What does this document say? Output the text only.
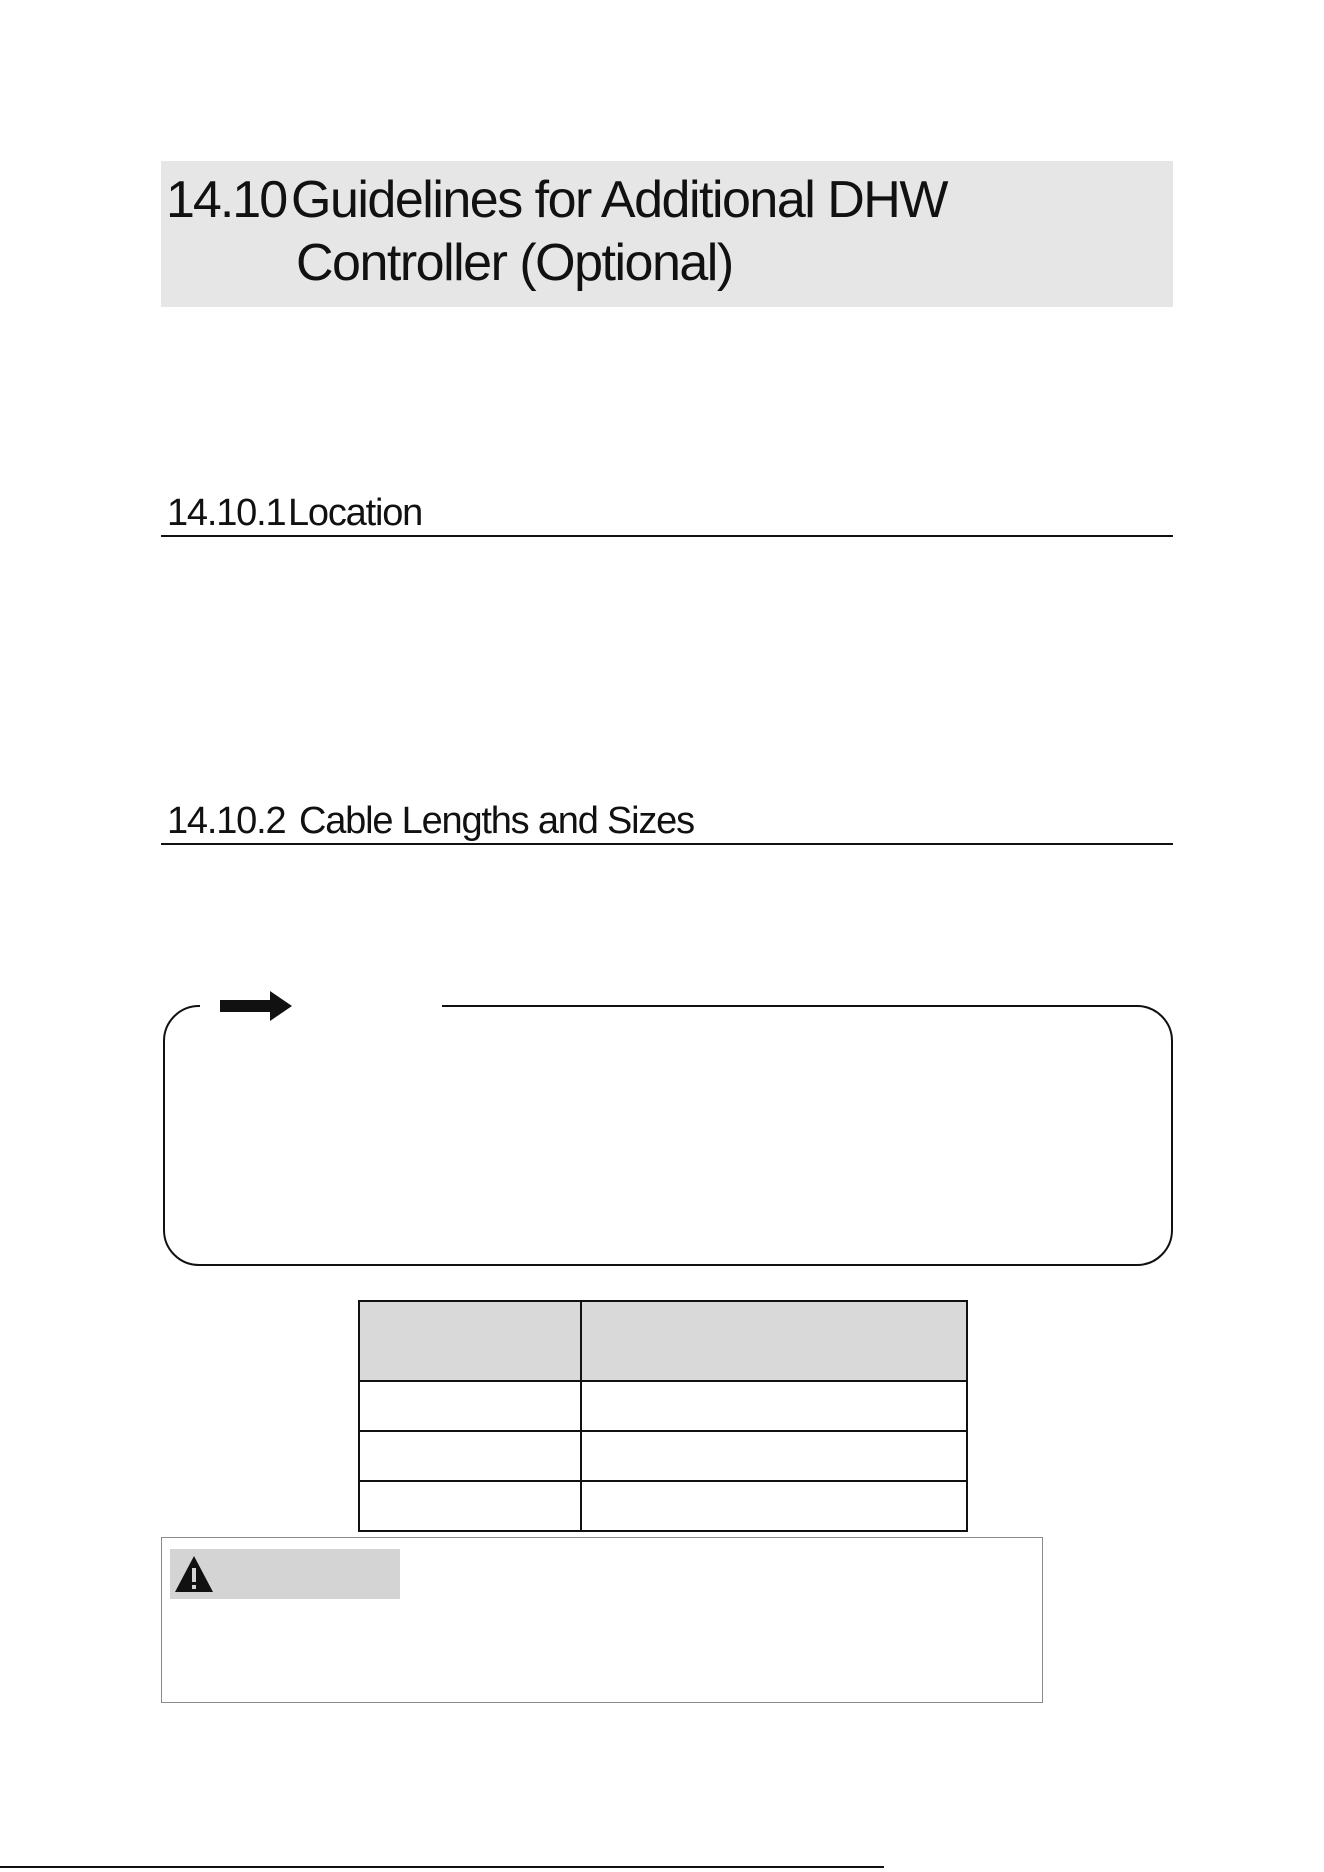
14.10 Guidelines for Additional DHW
Controller (Optional)
14.10.1 Location
14.10.2 Cable Lengths and Sizes
